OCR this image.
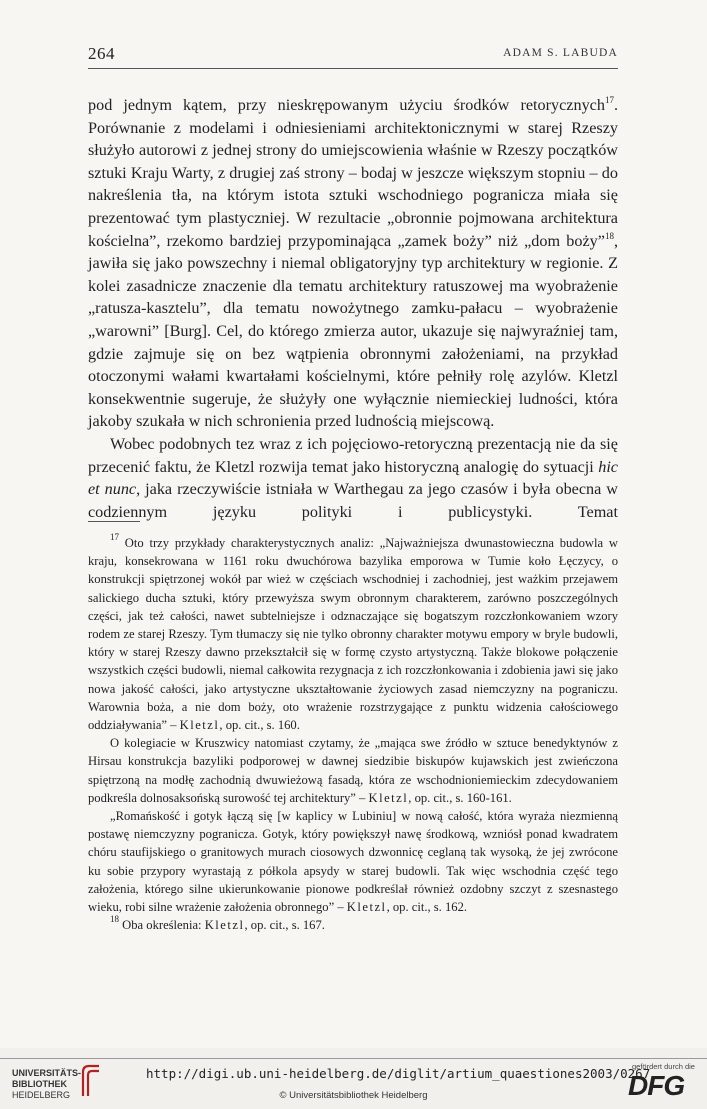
264	ADAM S. LABUDA

pod jednym kątem, przy nieskrępowanym użyciu środków retorycznych$^{17}$. Porównanie z modelami i odniesieniami architektonicznymi w starej Rzeszy służyło autorowi z jednej strony do umiejscowienia właśnie w Rzeszy początków sztuki Kraju Warty, z drugiej zaś strony – bodaj w jeszcze większym stopniu – do nakreślenia tła, na którym istota sztuki wschodniego pogranicza miała się prezentować tym plastyczniej. W rezultacie „obronnie pojmowana architektura kościelna”, rzekomo bardziej przypominająca „zamek boży” niż „dom boży”$^{18}$, jawiła się jako powszechny i niemal obligatoryjny typ architektury w regionie. Z kolei zasadnicze znaczenie dla tematu architektury ratuszowej ma wyobrażenie „ratusza-kasztelu”, dla tematu nowożytnego zamku-pałacu – wyobrażenie „warowni” [Burg]. Cel, do którego zmierza autor, ukazuje się najwyraźniej tam, gdzie zajmuje się on bez wątpienia obronnymi założeniami, na przykład otoczonymi wałami kwartałami kościelnymi, które pełniły rolę azylów. Kletzl konsekwentnie sugeruje, że służyły one wyłącznie niemieckiej ludności, która jakoby szukała w nich schronienia przed ludnością miejscową.

Wobec podobnych tez wraz z ich pojęciowo-retoryczną prezentacją nie da się przecenić faktu, że Kletzl rozwija temat jako historyczną analogię do sytuacji hic et nunc, jaka rzeczywiście istniała w Warthegau za jego czasów i była obecna w codziennym języku polityki i publicystyki. Temat

$^{17}$ Oto trzy przykłady charakterystycznych analiz: „Najważniejsza dwunastowieczna budowla w kraju, konsekrowana w 1161 roku dwuchórowa bazylika emporowa w Tumie koło Łęczycy, o konstrukcji spiętrzonej wokół par wież w częściach wschodniej i zachodniej, jest ważkim przejawem salickiego ducha sztuki, który przewyższa swym obronnym charakterem, zarówno poszczególnych części, jak też całości, nawet subtelniejsze i odznaczające się bogatszym rozczłonkowaniem wzory rodem ze starej Rzeszy. Tym tłumaczy się nie tylko obronny charakter motywu empory w bryle budowli, który w starej Rzeszy dawno przekształcił się w formę czysto artystyczną. Także blokowe połączenie wszystkich części budowli, niemal całkowita rezygnacja z ich rozczłonkowania i zdobienia jawi się jako nowa jakość całości, jako artystyczne ukształtowanie życiowych zasad niemczyzny na pograniczu. Warownia boża, a nie dom boży, oto wrażenie rozstrzygające z punktu widzenia całościowego oddziaływania” – Kletzl, op. cit., s. 160.

O kolegiacie w Kruszwicy natomiast czytamy, że „mająca swe źródło w sztuce benedyktynów z Hirsau konstrukcja bazyliki podporowej w dawnej siedzibie biskupów kujawskich jest zwieńczona spiętrzoną na modłę zachodnią dwuwieżową fasadą, która ze wschodnioniemieckim zdecydowaniem podkreśla dolnosaksońską surowość tej architektury” – Kletzl, op. cit., s. 160-161.

„Romańskość i gotyk łączą się [w kaplicy w Lubiniu] w nową całość, która wyraża niezmienną postawę niemczyzny pogranicza. Gotyk, który powiększył nawę środkową, wzniósł ponad kwadratem chóru staufijskiego o granitowych murach ciosowych dzwonnicę ceglaną tak wysoką, że jej zwrócone ku sobie przypory wyrastają z półkola apsydy w starej budowli. Tak więc wschodnia część tego założenia, którego silne ukierunkowanie pionowe podkreślał również ozdobny szczyt z szesnastego wieku, robi silne wrażenie założenia obronnego” – Kletzl, op. cit., s. 162.

$^{18}$ Oba określenia: Kletzl, op. cit., s. 167.

UNIVERSITÄTS-
BIBLIOTHEK
HEIDELBERG
http://digi.ub.uni-heidelberg.de/diglit/artium_quaestiones2003/0267
© Universitätsbibliothek Heidelberg
gefördert durch die
DFG
